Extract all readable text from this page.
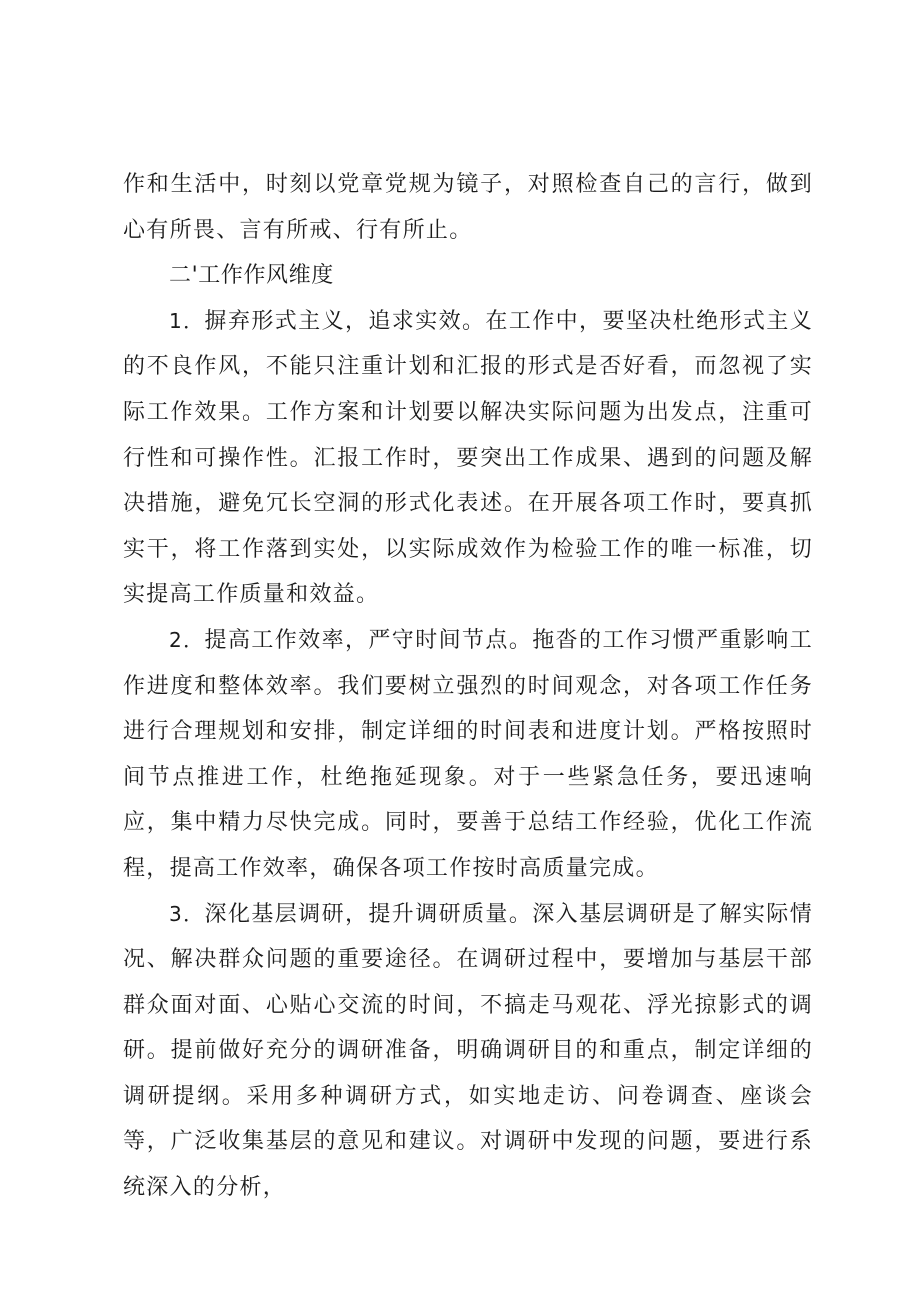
作和生活中，时刻以党章党规为镜子，对照检查自己的言行，做到心有所畏、言有所戒、行有所止。

二'工作作风维度

1．摒弃形式主义，追求实效。在工作中，要坚决杜绝形式主义的不良作风，不能只注重计划和汇报的形式是否好看，而忽视了实际工作效果。工作方案和计划要以解决实际问题为出发点，注重可行性和可操作性。汇报工作时，要突出工作成果、遇到的问题及解决措施，避免冗长空洞的形式化表述。在开展各项工作时，要真抓实干，将工作落到实处，以实际成效作为检验工作的唯一标准，切实提高工作质量和效益。

2．提高工作效率，严守时间节点。拖沓的工作习惯严重影响工作进度和整体效率。我们要树立强烈的时间观念，对各项工作任务进行合理规划和安排，制定详细的时间表和进度计划。严格按照时间节点推进工作，杜绝拖延现象。对于一些紧急任务，要迅速响应，集中精力尽快完成。同时，要善于总结工作经验，优化工作流程，提高工作效率，确保各项工作按时高质量完成。

3．深化基层调研，提升调研质量。深入基层调研是了解实际情况、解决群众问题的重要途径。在调研过程中，要增加与基层干部群众面对面、心贴心交流的时间，不搞走马观花、浮光掠影式的调研。提前做好充分的调研准备，明确调研目的和重点，制定详细的调研提纲。采用多种调研方式，如实地走访、问卷调查、座谈会等，广泛收集基层的意见和建议。对调研中发现的问题，要进行系统深入的分析，
